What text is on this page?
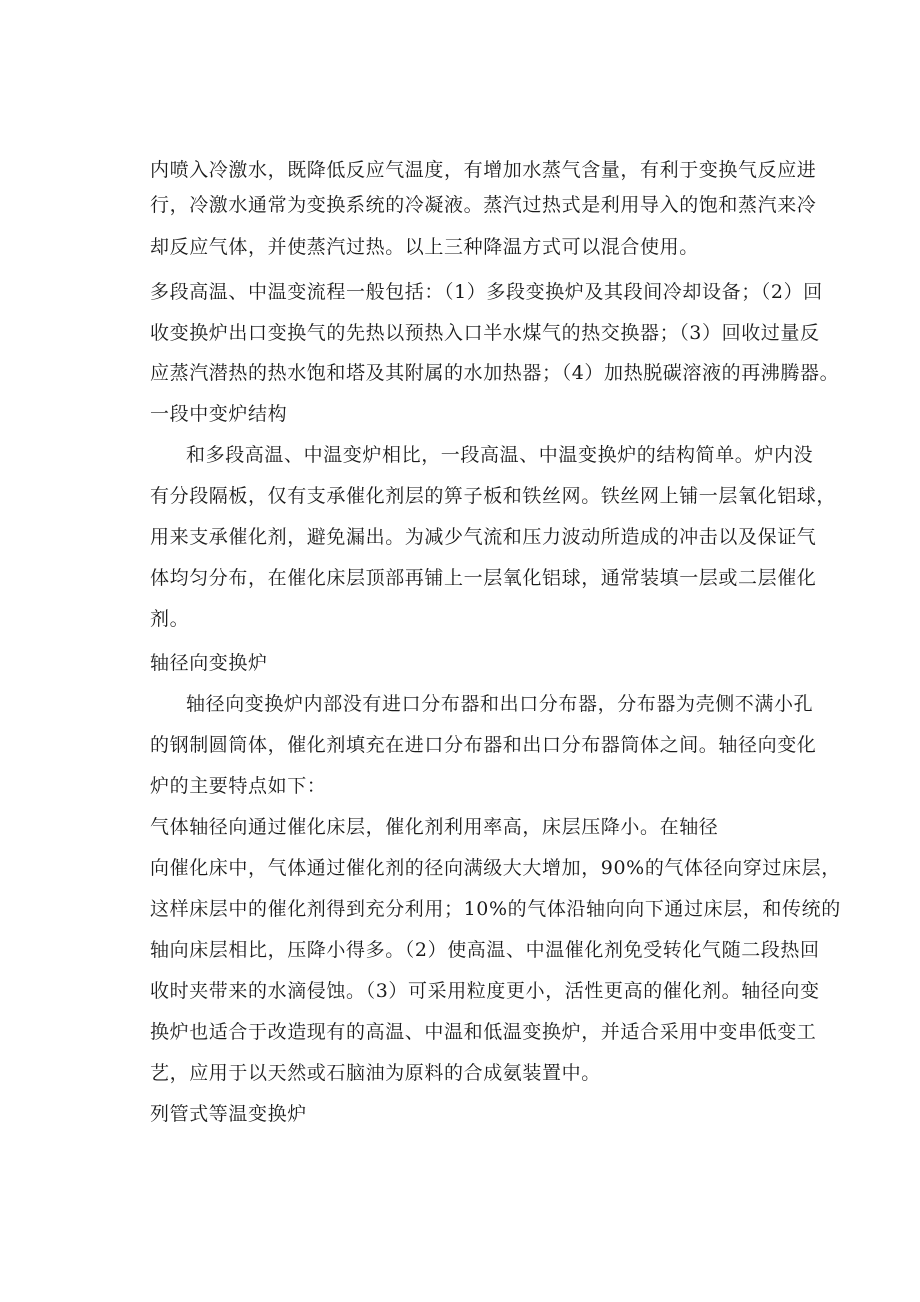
内喷入冷激水，既降低反应气温度，有增加水蒸气含量，有利于变换气反应进
行，冷激水通常为变换系统的冷凝液。蒸汽过热式是利用导入的饱和蒸汽来冷
却反应气体，并使蒸汽过热。以上三种降温方式可以混合使用。
多段高温、中温变流程一般包括：（1）多段变换炉及其段间冷却设备；（2）回
收变换炉出口变换气的先热以预热入口半水煤气的热交换器；（3）回收过量反
应蒸汽潜热的热水饱和塔及其附属的水加热器；（4）加热脱碳溶液的再沸腾器。
一段中变炉结构
和多段高温、中温变炉相比，一段高温、中温变换炉的结构简单。炉内没
有分段隔板，仅有支承催化剂层的箅子板和铁丝网。铁丝网上铺一层氧化铝球，
用来支承催化剂，避免漏出。为减少气流和压力波动所造成的冲击以及保证气
体均匀分布，在催化床层顶部再铺上一层氧化铝球，通常装填一层或二层催化
剂。
轴径向变换炉
轴径向变换炉内部没有进口分布器和出口分布器，分布器为壳侧不满小孔
的钢制圆筒体，催化剂填充在进口分布器和出口分布器筒体之间。轴径向变化
炉的主要特点如下：
气体轴径向通过催化床层，催化剂利用率高，床层压降小。在轴径
向催化床中，气体通过催化剂的径向满级大大增加，90%的气体径向穿过床层，
这样床层中的催化剂得到充分利用；10%的气体沿轴向向下通过床层，和传统的
轴向床层相比，压降小得多。（2）使高温、中温催化剂免受转化气随二段热回
收时夹带来的水滴侵蚀。（3）可采用粒度更小，活性更高的催化剂。轴径向变
换炉也适合于改造现有的高温、中温和低温变换炉，并适合采用中变串低变工
艺，应用于以天然或石脑油为原料的合成氨装置中。
列管式等温变换炉
